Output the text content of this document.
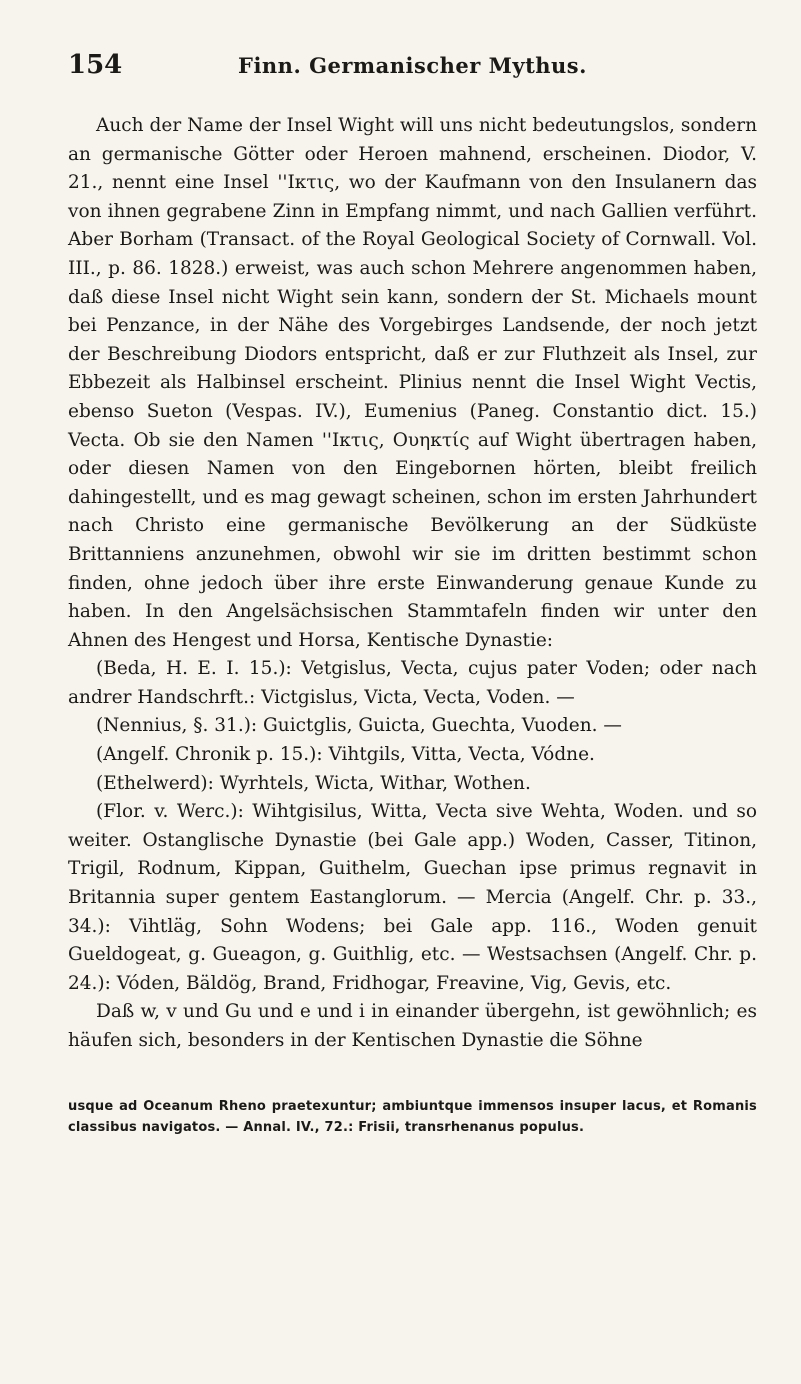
154	Finn. Germanischer Mythus.

Auch der Name der Insel Wight will uns nicht bedeutungslos, sondern an germanische Götter oder Heroen mahnend, erscheinen. Diodor, V. 21., nennt eine Insel ''Ικτις, wo der Kaufmann von den Insulanern das von ihnen gegrabene Zinn in Empfang nimmt, und nach Gallien verführt. Aber Borham (Transact. of the Royal Geological Society of Cornwall. Vol. III., p. 86. 1828.) erweist, was auch schon Mehrere angenommen haben, daß diese Insel nicht Wight sein kann, sondern der St. Michaels mount bei Penzance, in der Nähe des Vorgebirges Landsende, der noch jetzt der Beschreibung Diodors entspricht, daß er zur Fluthzeit als Insel, zur Ebbezeit als Halbinsel erscheint. Plinius nennt die Insel Wight Vectis, ebenso Sueton (Vespas. IV.), Eumenius (Paneg. Constantio dict. 15.) Vecta. Ob sie den Namen ''Ικτις, Ουηκτίς auf Wight übertragen haben, oder diesen Namen von den Eingebornen hörten, bleibt freilich dahingestellt, und es mag gewagt scheinen, schon im ersten Jahrhundert nach Christo eine germanische Bevölkerung an der Südküste Brittanniens anzunehmen, obwohl wir sie im dritten bestimmt schon finden, ohne jedoch über ihre erste Einwanderung genaue Kunde zu haben. In den Angelsächsischen Stammtafeln finden wir unter den Ahnen des Hengest und Horsa, Kentische Dynastie:

(Beda, H. E. I. 15.): Vetgislus, Vecta, cujus pater Voden; oder nach andrer Handschrft.: Victgislus, Victa, Vecta, Voden. —

(Nennius, §. 31.): Guictglis, Guicta, Guechta, Vuoden. —

(Angelf. Chronik p. 15.): Vihtgils, Vitta, Vecta, Vódne.

(Ethelwerd): Wyrhtels, Wicta, Withar, Wothen.

(Flor. v. Werc.): Wihtgisilus, Witta, Vecta sive Wehta, Woden. und so weiter. Ostanglische Dynastie (bei Gale app.) Woden, Casser, Titinon, Trigil, Rodnum, Kippan, Guithelm, Guechan ipse primus regnavit in Britannia super gentem Eastanglorum. — Mercia (Angelf. Chr. p. 33., 34.): Vihtläg, Sohn Wodens; bei Gale app. 116., Woden genuit Gueldogeat, g. Gueagon, g. Guithlig, etc. — Westsachsen (Angelf. Chr. p. 24.): Vóden, Bäldög, Brand, Fridhogar, Freavine, Vig, Gevis, etc.

Daß w, v und Gu und e und i in einander übergehn, ist gewöhnlich; es häufen sich, besonders in der Kentischen Dynastie die Söhne

usque ad Oceanum Rheno praetexuntur; ambiuntque immensos insuper lacus, et Romanis classibus navigatos. — Annal. IV., 72.: Frisii, transrhenanus populus.
